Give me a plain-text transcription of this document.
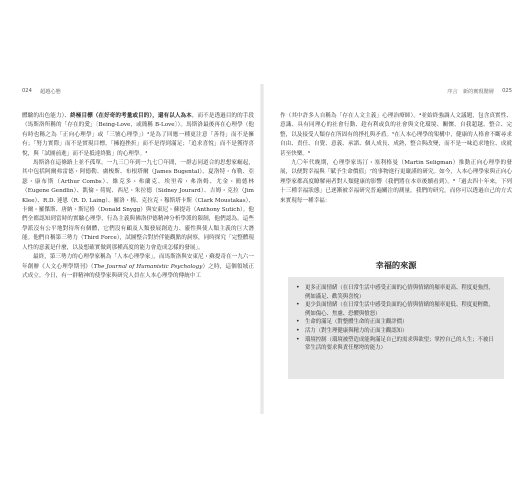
024 超越心態

體驗的出色能力）、終極目標（在好奇的考量或目的），還有以人為本，而不是透過目的的手段（馬斯洛所稱的「存在的愛」〔Being-Love，或簡稱 B-Love〕）。馬斯洛最後再在心理學（他有時也稱之為「正向心理學」或「三號心理學」）²是為了回應一種更注意「善得」而不是擁有；「努力實際」而不是實現目標，「擁抱挫折」而不是得到滿足；「追求喜悅」而不是獲得喜悅，與「試圖前進」而不是抵達終點」的心理學。³

馬斯洛在這條路上並不孤單。一九三〇年到一九七〇年間，一群志同道合的思想家崛起，其中包括阿爾弗雷德・阿德勒、盧梭斯、布根塔爾（James Bugental）、夏洛特・布勒、亞瑟・康布斯（Arthur Combs）、維克多・弗蘭克、埃里希・弗洛姆、尤金・簡德林（Eugene Gendlin）、凱倫・荷妮、西尼・朱拉德（Sidney Jourard）、吉姆・克拉（Jim Klee）、R.D. 連恩（R. D. Laing）、羅洛・梅、克拉克・穆斯塔卡斯（Clark Moustakas）、卡爾・羅傑斯、唐納・斯尼格（Donald Snygg）與安東尼・蘇提奇（Anthony Sutich）。他們全都認知到當時的實驗心理學，行為主義與佛洛伊德精神分析學派的限制，他們認為，這些學派沒有公平地對待所有個體，它們沒有顧及人類發展創造力、靈性與使人類主義的巨大潛能。他們自稱第三勢力（Third Force），試圖整合對於伴能觀點的洞察，同時探究「完整體現人性的意義是什麼，以及想確實做到那種高度的能力會造成怎樣的發展」。

最終，第三勢力的心理學家稱為「人本心理學家」，而馬斯洛與安東尼・蘇提奇在一九六一年創辦《人文心理學期刊》（The Journal of Humanistic Psychology）之時，這個領域正式成立。今日，有一群精神的使學家與研究人員在人本心理學的傳統中工

序言　新的實現階層 025

作（其中許多人自稱為「存在人文主義」心理治療師）。⁴並始終強調人文議題，包含真實性、意識、具有同理心的社會行動、趁有利或負的社會與文化環境、關懷、自我超越、整合、完整，以及接受人類存在所固有的掙扎與矛盾。⁵在人本心理學的架構中，健康的人格會不斷尋求自由、責任、自覺、意義、承諾、個人成長、成熟，整合與改變，而不是一味追求地位、成就甚至快樂。⁶

九〇年代晚期，心理學家馬汀・塞利格曼（Martin Seligman）推動正向心理學的發展，以便對幸福與「賦予生命價值」⁷的事物進行更嚴謹的研究。如今，人本心理學家與正向心理學家都高度瞭解兩者對人類健康的影響（我們將在本章後續看到）。⁸「過去四十年來，下列十三種幸福狀態」已逐漸被幸福研究普遍關注的測量。我們的研究，而你可以透過自己的方式來實現每一種幸福：

幸福的來源
• 更多正面情緒（在日常生活中感受正面的心情與情緒的頻率更高、程度更強烈，例如滿足、歡笑與喜悅）
• 更少負面情緒（在日常生活中感受負面的心情與情緒的頻率更低、程度更輕微，例如傷心、焦慮、恐懼與憤怒）
• 生命的滿足（對整體生命的正面主觀評價）
• 活力（對生理健康與精力的正面主觀認知）
• 環境控制（環境被塑造成能夠滿足自己的需求與欲望；掌控自己的人生；不被日常生活的要求與責任壓垮的能力）
